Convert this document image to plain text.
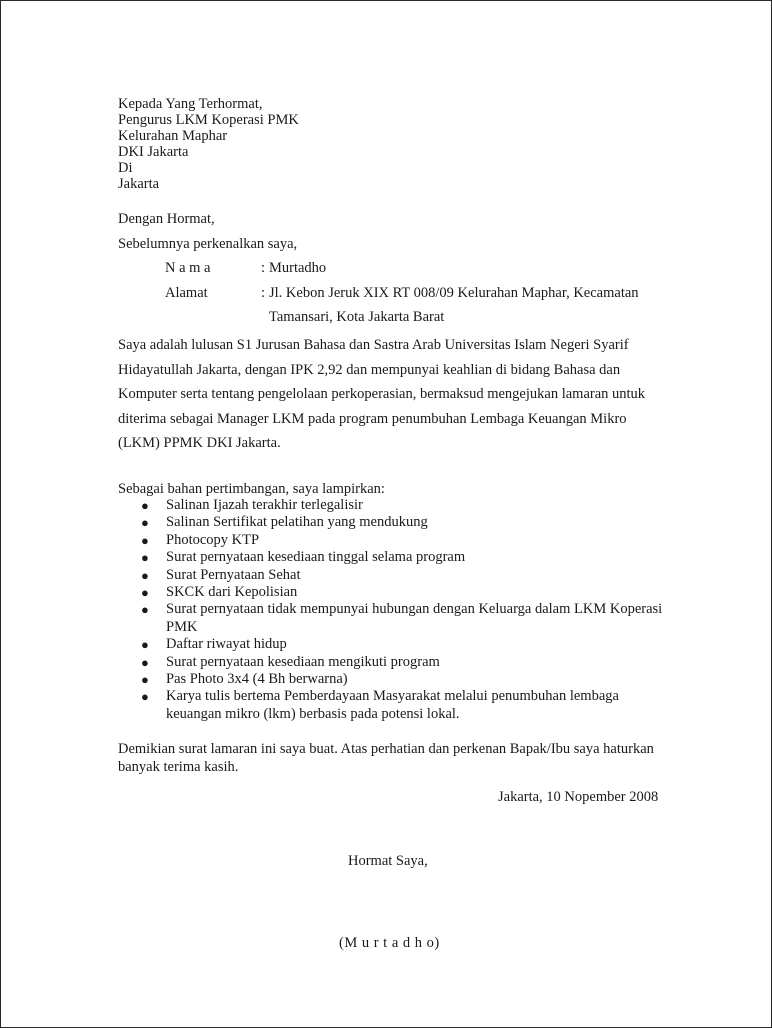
Kepada Yang Terhormat,
Pengurus LKM Koperasi PMK
Kelurahan Maphar
DKI Jakarta
Di
Jakarta
Dengan Hormat,
Sebelumnya perkenalkan saya,
N a m a	: Murtadho
Alamat	: Jl. Kebon Jeruk XIX RT 008/09 Kelurahan Maphar, Kecamatan
Tamansari, Kota Jakarta Barat
Saya adalah lulusan S1 Jurusan Bahasa dan Sastra Arab Universitas Islam Negeri Syarif
Hidayatullah Jakarta, dengan IPK 2,92 dan mempunyai keahlian di bidang Bahasa dan
Komputer serta tentang pengelolaan perkoperasian, bermaksud mengejukan lamaran untuk
diterima sebagai Manager LKM pada program penumbuhan Lembaga Keuangan Mikro
(LKM) PPMK DKI Jakarta.
Sebagai bahan pertimbangan, saya lampirkan:
● Salinan Ijazah terakhir terlegalisir
● Salinan Sertifikat pelatihan yang mendukung
● Photocopy KTP
● Surat pernyataan kesediaan tinggal selama program
● Surat Pernyataan Sehat
● SKCK dari Kepolisian
● Surat pernyataan tidak mempunyai hubungan dengan Keluarga dalam LKM Koperasi
PMK
● Daftar riwayat hidup
● Surat pernyataan kesediaan mengikuti program
● Pas Photo 3x4 (4 Bh berwarna)
● Karya tulis bertema Pemberdayaan Masyarakat melalui penumbuhan lembaga
keuangan mikro (lkm) berbasis pada potensi lokal.
Demikian surat lamaran ini saya buat. Atas perhatian dan perkenan Bapak/Ibu saya haturkan
banyak terima kasih.
Jakarta, 10 Nopember 2008
Hormat Saya,
(M u r t a d h o)
